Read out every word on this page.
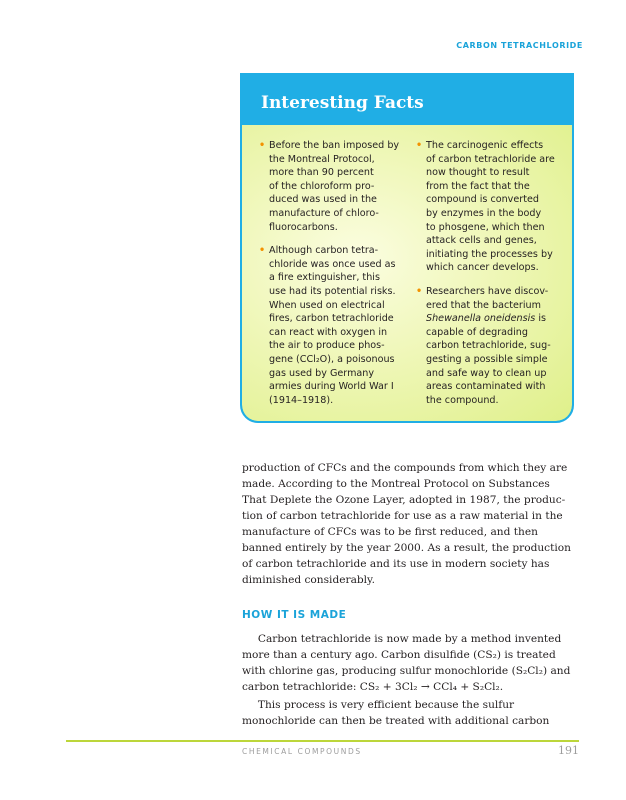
CARBON TETRACHLORIDE
Interesting Facts
• Before the ban imposed by
the Montreal Protocol,
more than 90 percent
of the chloroform pro-
duced was used in the
manufacture of chloro-
fluorocarbons.
• Although carbon tetra-
chloride was once used as
a fire extinguisher, this
use had its potential risks.
When used on electrical
fires, carbon tetrachloride
can react with oxygen in
the air to produce phos-
gene (CCl₂O), a poisonous
gas used by Germany
armies during World War I
(1914–1918).
• The carcinogenic effects
of carbon tetrachloride are
now thought to result
from the fact that the
compound is converted
by enzymes in the body
to phosgene, which then
attack cells and genes,
initiating the processes by
which cancer develops.
• Researchers have discov-
ered that the bacterium
Shewanella oneidensis is
capable of degrading
carbon tetrachloride, sug-
gesting a possible simple
and safe way to clean up
areas contaminated with
the compound.
production of CFCs and the compounds from which they are
made. According to the Montreal Protocol on Substances
That Deplete the Ozone Layer, adopted in 1987, the produc-
tion of carbon tetrachloride for use as a raw material in the
manufacture of CFCs was to be first reduced, and then
banned entirely by the year 2000. As a result, the production
of carbon tetrachloride and its use in modern society has
diminished considerably.
HOW IT IS MADE
  Carbon tetrachloride is now made by a method invented
more than a century ago. Carbon disulfide (CS₂) is treated
with chlorine gas, producing sulfur monochloride (S₂Cl₂) and
carbon tetrachloride: CS₂ + 3Cl₂ → CCl₄ + S₂Cl₂.
  This process is very efficient because the sulfur
monochloride can then be treated with additional carbon
CHEMICAL COMPOUNDS	191
